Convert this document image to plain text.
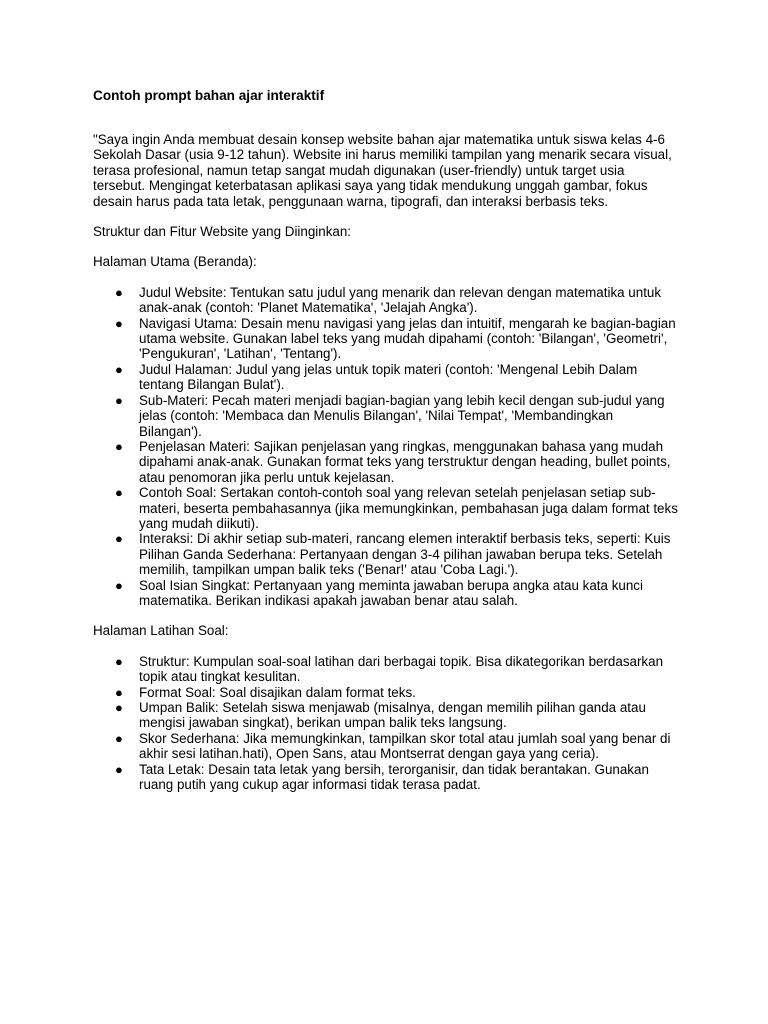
Contoh prompt bahan ajar interaktif

"Saya ingin Anda membuat desain konsep website bahan ajar matematika untuk siswa kelas 4-6 Sekolah Dasar (usia 9-12 tahun). Website ini harus memiliki tampilan yang menarik secara visual, terasa profesional, namun tetap sangat mudah digunakan (user-friendly) untuk target usia tersebut. Mengingat keterbatasan aplikasi saya yang tidak mendukung unggah gambar, fokus desain harus pada tata letak, penggunaan warna, tipografi, dan interaksi berbasis teks.

Struktur dan Fitur Website yang Diinginkan:

Halaman Utama (Beranda):

● Judul Website: Tentukan satu judul yang menarik dan relevan dengan matematika untuk anak-anak (contoh: 'Planet Matematika', 'Jelajah Angka').
● Navigasi Utama: Desain menu navigasi yang jelas dan intuitif, mengarah ke bagian-bagian utama website. Gunakan label teks yang mudah dipahami (contoh: 'Bilangan', 'Geometri', 'Pengukuran', 'Latihan', 'Tentang').
● Judul Halaman: Judul yang jelas untuk topik materi (contoh: 'Mengenal Lebih Dalam tentang Bilangan Bulat').
● Sub-Materi: Pecah materi menjadi bagian-bagian yang lebih kecil dengan sub-judul yang jelas (contoh: 'Membaca dan Menulis Bilangan', 'Nilai Tempat', 'Membandingkan Bilangan').
● Penjelasan Materi: Sajikan penjelasan yang ringkas, menggunakan bahasa yang mudah dipahami anak-anak. Gunakan format teks yang terstruktur dengan heading, bullet points, atau penomoran jika perlu untuk kejelasan.
● Contoh Soal: Sertakan contoh-contoh soal yang relevan setelah penjelasan setiap sub-materi, beserta pembahasannya (jika memungkinkan, pembahasan juga dalam format teks yang mudah diikuti).
● Interaksi: Di akhir setiap sub-materi, rancang elemen interaktif berbasis teks, seperti: Kuis Pilihan Ganda Sederhana: Pertanyaan dengan 3-4 pilihan jawaban berupa teks. Setelah memilih, tampilkan umpan balik teks ('Benar!' atau 'Coba Lagi.').
● Soal Isian Singkat: Pertanyaan yang meminta jawaban berupa angka atau kata kunci matematika. Berikan indikasi apakah jawaban benar atau salah.

Halaman Latihan Soal:

● Struktur: Kumpulan soal-soal latihan dari berbagai topik. Bisa dikategorikan berdasarkan topik atau tingkat kesulitan.
● Format Soal: Soal disajikan dalam format teks.
● Umpan Balik: Setelah siswa menjawab (misalnya, dengan memilih pilihan ganda atau mengisi jawaban singkat), berikan umpan balik teks langsung.
● Skor Sederhana: Jika memungkinkan, tampilkan skor total atau jumlah soal yang benar di akhir sesi latihan.hati), Open Sans, atau Montserrat dengan gaya yang ceria).
● Tata Letak: Desain tata letak yang bersih, terorganisir, dan tidak berantakan. Gunakan ruang putih yang cukup agar informasi tidak terasa padat.
